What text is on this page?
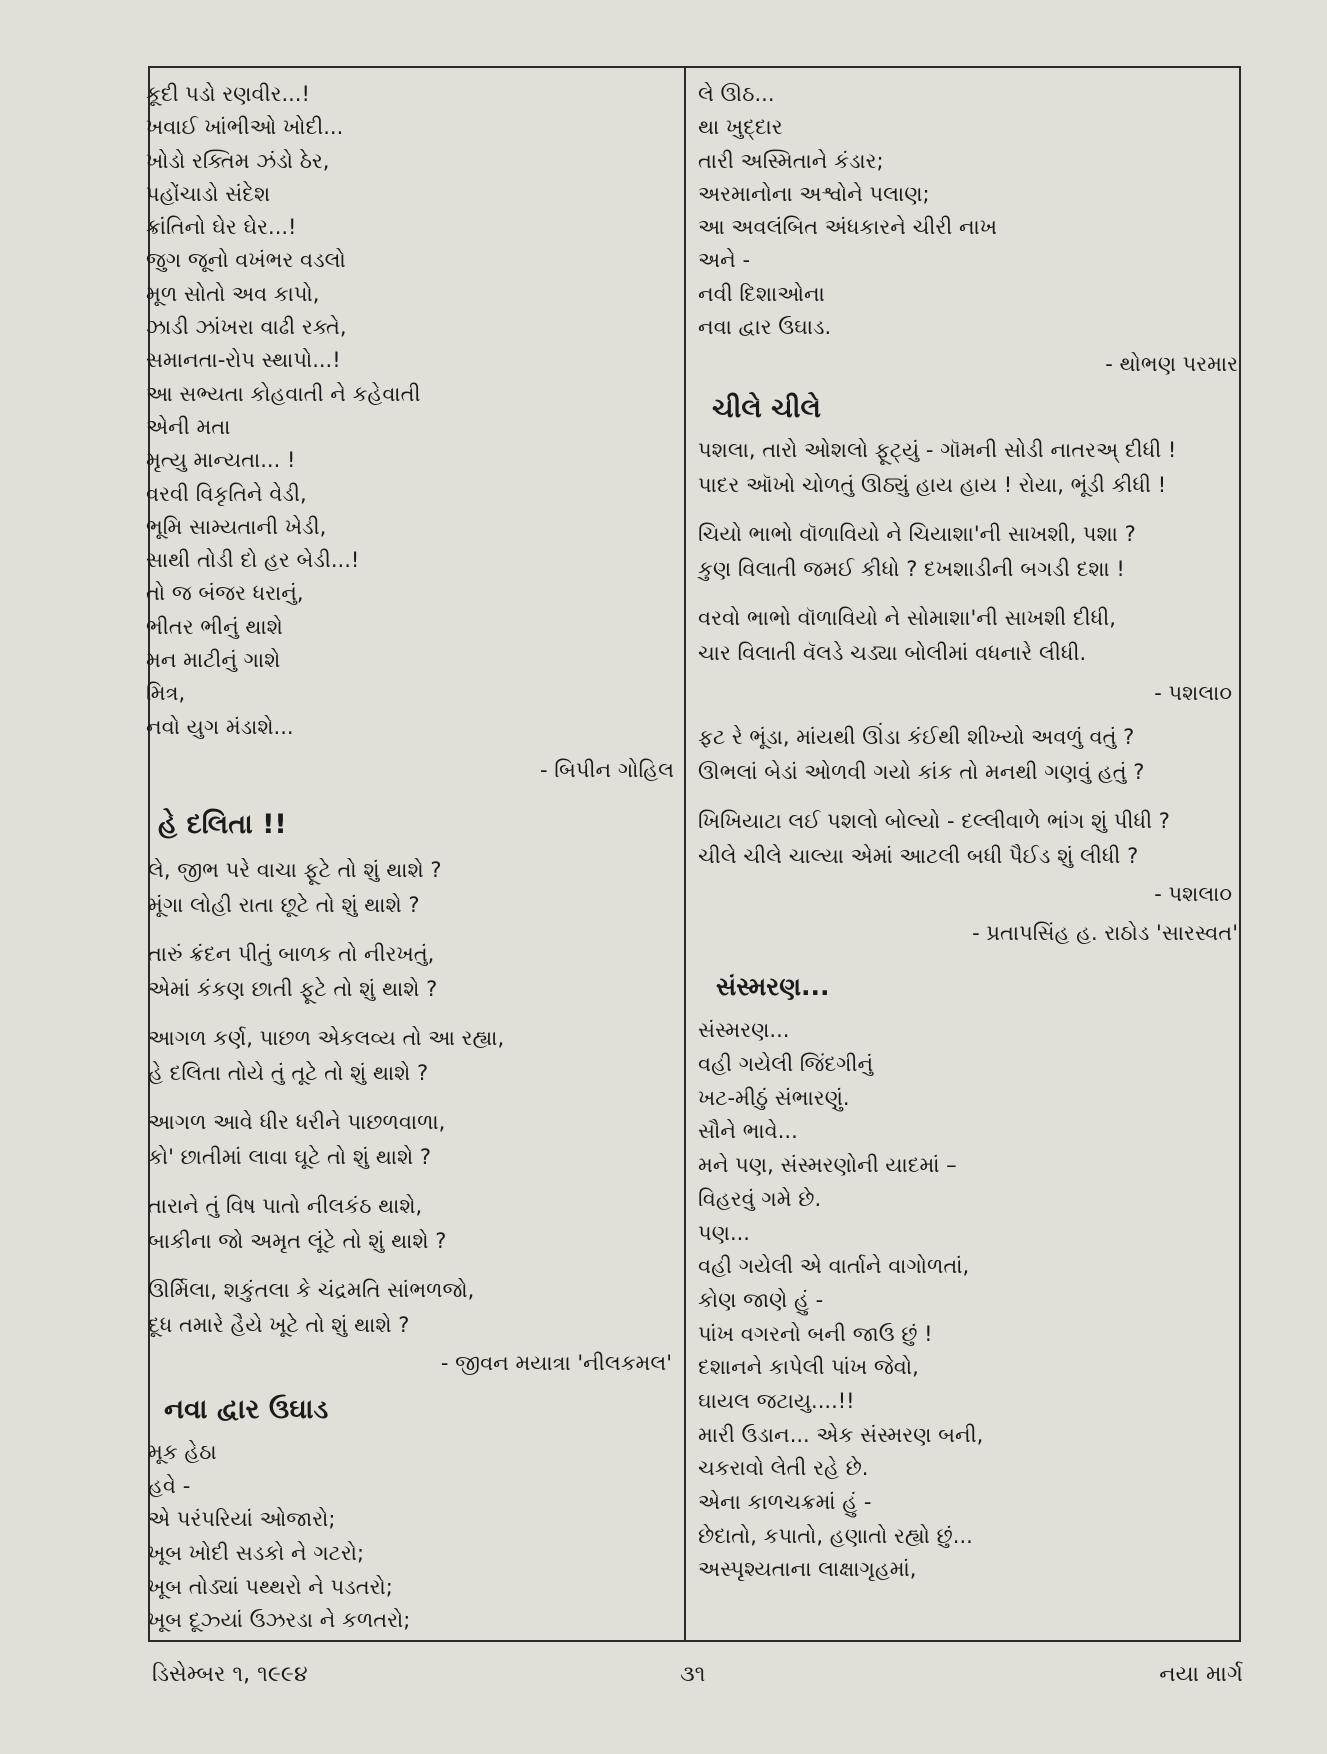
કૂદી પડો રણવીર...!
ખવાઈ ખાંભીઓ ખોદી...
ખોડો રક્તિમ ઝંડો ઠેર,
પહોંચાડો સંદેશ
ક્રાંતિનો ઘેર ઘેર...!
જુગ જૂનો વખંભર વડલો
મૂળ સોતો અવ કાપો,
ઝાડી ઝાંખરા વાઢી રક્તે,
સમાનતા-રોપ સ્થાપો...!
આ સભ્યતા કોહવાતી ને કહેવાતી
એની મતા
મૃત્યુ માન્યતા... !
વરવી વિકૃતિને વેડી,
ભૂમિ સામ્યતાની ખેડી,
સાથી તોડી દો હર બેડી...!
તો જ બંજર ધરાનું,
ભીતર ભીનું થાશે
મન માટીનું ગાશે
મિત્ર,
નવો યુગ મંડાશે...
- બિપીન ગોહિલ
હે દલિતા !!
લે, જીભ પરે વાચા ફૂટે તો શું થાશે ?
મૂંગા લોહી રાતા છૂટે તો શું થાશે ?
તારું ક્રંદન પીતું બાળક તો નીરખતું,
એમાં કંકણ છાતી ફૂટે તો શું થાશે ?
આગળ કર્ણ, પાછળ એકલવ્ય તો આ રહ્યા,
હે દલિતા તોયે તું તૂટે તો શું થાશે ?
આગળ આવે ધીર ધરીને પાછળવાળા,
કો' છાતીમાં લાવા ઘૂટે તો શું થાશે ?
તારાને તું વિષ પાતો નીલકંઠ થાશે,
બાકીના જો અમૃત લૂંટે તો શું થાશે ?
ઊર્મિલા, શકુંતલા કે ચંદ્રમતિ સાંભળજો,
દૂધ તમારે હૈયે ખૂટે તો શું થાશે ?
- જીવન મયાત્રા 'નીલકમલ'
નવા દ્વાર ઉઘાડ
મૂક હેઠા
હવે -
એ પરંપરિયાં ઓજારો;
ખૂબ ખોદી સડકો ને ગટરો;
ખૂબ તોડ્યાં પથ્થરો ને પડતરો;
ખૂબ દૂઝ્યાં ઉઝરડા ને કળતરો;
લે ઊઠ...
થા ખુદ્દાર
તારી અસ્મિતાને કંડાર;
અરમાનોના અશ્વોને પલાણ;
આ અવલંબિત અંધકારને ચીરી નાખ
અને -
નવી દિશાઓના
નવા દ્વાર ઉઘાડ.
- થોભણ પરમાર
ચીલે ચીલે
પશલા, તારો ઓશલો ફૂટ્યું - ગૉમની સોડી નાતરઅ્ દીધી !
પાદર આૅખો ચોળતું ઊઠ્યું હાય હાય ! રોયા, ભૂંડી કીધી !
ચિયો ભાભો વૉળાવિયો ને ચિયાશા'ની સાખશી, પશા ?
કુણ વિલાતી જમઈ કીધો ? દખશાડીની બગડી દશા !
વરવો ભાભો વૉળાવિયો ને સોમાશા'ની સાખશી દીધી,
ચાર વિલાતી વૅલડે ચડ્યા બોલીમાં વધનારે લીધી.
- પશલા૦
ફટ રે ભૂંડા, માંયથી ઊંડા કંઈથી શીખ્યો અવળું વતું ?
ઊભલાં બેડાં ઓળવી ગયો કાંક તો મનથી ગણવું હતું ?
ખિખિયાટા લઈ પશલો બોલ્યો - દલ્લીવાળે ભાંગ શું પીધી ?
ચીલે ચીલે ચાલ્યા એમાં આટલી બધી પૈઈડ શું લીધી ?
- પશલા૦
- પ્રતાપસિંહ હ. રાઠોડ 'સારસ્વત'
સંસ્મરણ...
સંસ્મરણ...
વહી ગયેલી જિંદગીનું
ખટ-મીઠું સંભારણું.
સૌને ભાવે...
મને પણ, સંસ્મરણોની યાદમાં –
વિહરવું ગમે છે.
પણ...
વહી ગયેલી એ વાર્તાને વાગોળતાં,
કોણ જાણે હું -
પાંખ વગરનો બની જાઉ છું !
દશાનને કાપેલી પાંખ જેવો,
ઘાયલ જટાયુ....!!
મારી ઉડાન... એક સંસ્મરણ બની,
ચકરાવો લેતી રહે છે.
એના કાળચક્રમાં હું -
છેદાતો, કપાતો, હણાતો રહ્યો છું...
અસ્પૃશ્યતાના લાક્ષાગૃહમાં,
ડિસેમ્બર ૧, ૧૯૯૪	૩૧	નયા માર્ગ
